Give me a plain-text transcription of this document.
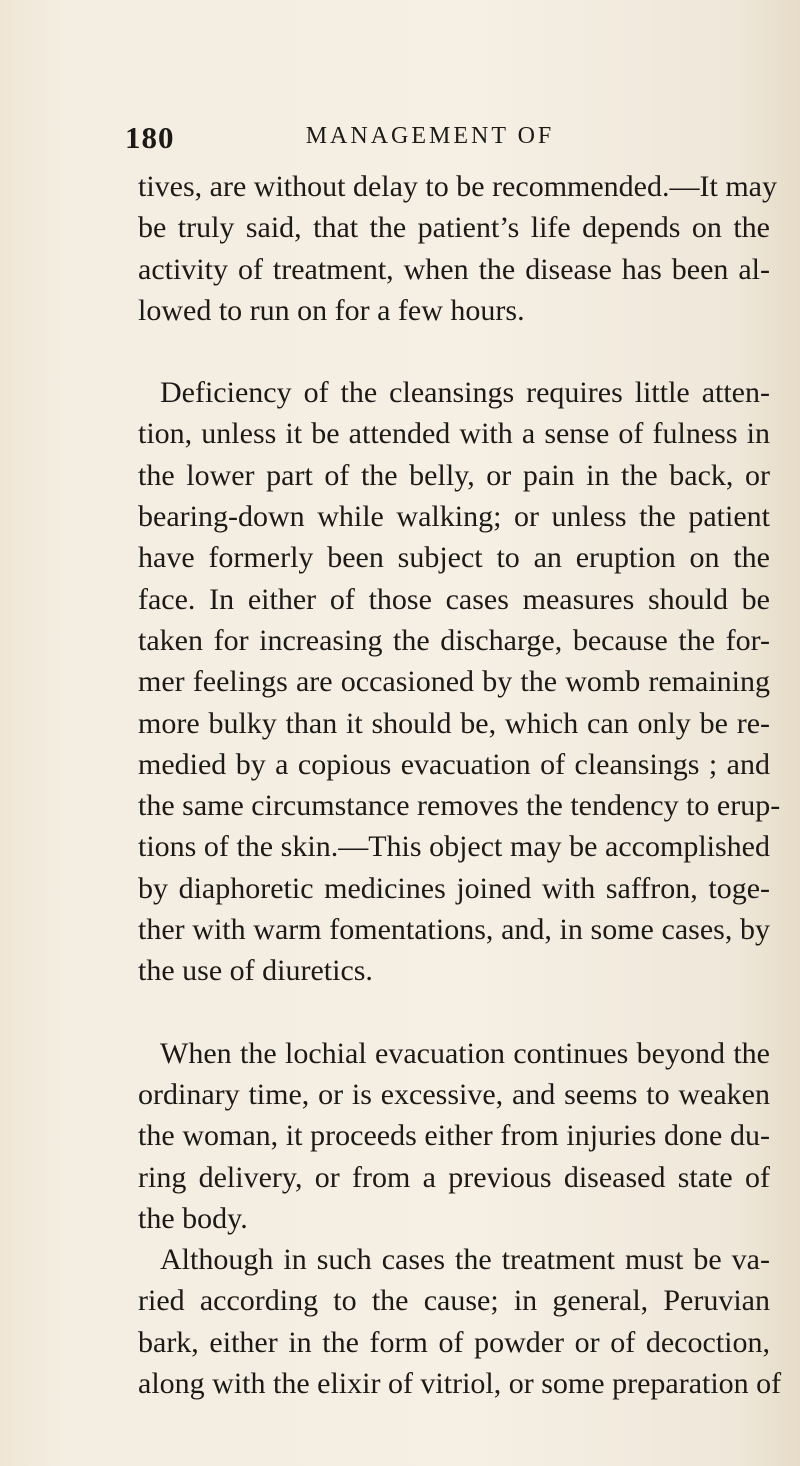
180	MANAGEMENT OF
tives, are without delay to be recommended.—It may
be truly said, that the patient’s life depends on the
activity of treatment, when the disease has been al-
lowed to run on for a few hours.
Deficiency of the cleansings requires little atten-
tion, unless it be attended with a sense of fulness in
the lower part of the belly, or pain in the back, or
bearing-down while walking; or unless the patient
have formerly been subject to an eruption on the
face. In either of those cases measures should be
taken for increasing the discharge, because the for-
mer feelings are occasioned by the womb remaining
more bulky than it should be, which can only be re-
medied by a copious evacuation of cleansings ; and
the same circumstance removes the tendency to erup-
tions of the skin.—This object may be accomplished
by diaphoretic medicines joined with saffron, toge-
ther with warm fomentations, and, in some cases, by
the use of diuretics.
When the lochial evacuation continues beyond the
ordinary time, or is excessive, and seems to weaken
the woman, it proceeds either from injuries done du-
ring delivery, or from a previous diseased state of
the body.
Although in such cases the treatment must be va-
ried according to the cause; in general, Peruvian
bark, either in the form of powder or of decoction,
along with the elixir of vitriol, or some preparation of
